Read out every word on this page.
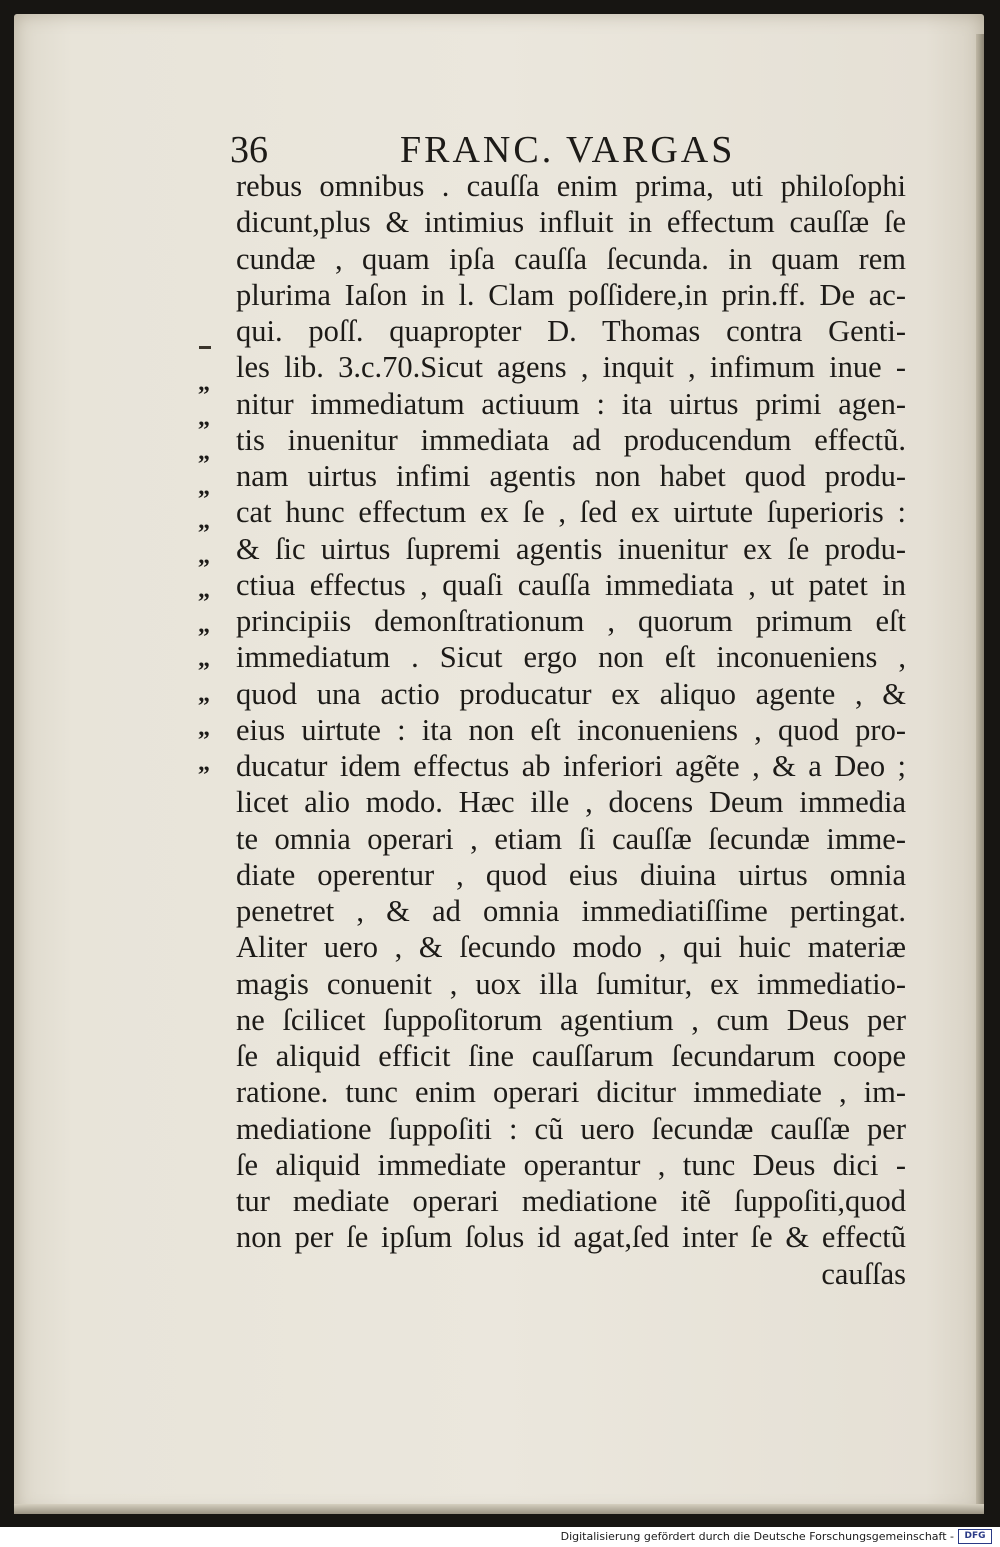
36	FRANC. VARGAS
„
„
„
„
„
„
„
„
„
„
„
„
rebus omnibus . cauſſa enim prima, uti philoſophi
dicunt,plus & intimius influit in effectum cauſſæ ſe
cundæ , quam ipſa cauſſa ſecunda. in quam rem
plurima Iaſon in l. Clam poſſidere,in prin.ff. De ac-
qui. poſſ. quapropter D. Thomas contra Genti-
les lib. 3.c.70.Sicut agens , inquit , infimum inue -
nitur immediatum actiuum : ita uirtus primi agen-
tis inuenitur immediata ad producendum effectũ.
nam uirtus infimi agentis non habet quod produ-
cat hunc effectum ex ſe , ſed ex uirtute ſuperioris :
& ſic uirtus ſupremi agentis inuenitur ex ſe produ-
ctiua effectus , quaſi cauſſa immediata , ut patet in
principiis demonſtrationum , quorum primum eſt
immediatum . Sicut ergo non eſt inconueniens ,
quod una actio producatur ex aliquo agente , &
eius uirtute : ita non eſt inconueniens , quod pro-
ducatur idem effectus ab inferiori agẽte , & a Deo ;
licet alio modo. Hæc ille , docens Deum immedia
te omnia operari , etiam ſi cauſſæ ſecundæ imme-
diate operentur , quod eius diuina uirtus omnia
penetret , & ad omnia immediatiſſime pertingat.
Aliter uero , & ſecundo modo , qui huic materiæ
magis conuenit , uox illa ſumitur, ex immediatio-
ne ſcilicet ſuppoſitorum agentium , cum Deus per
ſe aliquid efficit ſine cauſſarum ſecundarum coope
ratione. tunc enim operari dicitur immediate , im-
mediatione ſuppoſiti : cũ uero ſecundæ cauſſæ per
ſe aliquid immediate operantur , tunc Deus dici -
tur mediate operari mediatione itẽ ſuppoſiti,quod
non per ſe ipſum ſolus id agat,ſed inter ſe & effectũ
cauſſas
Digitalisierung gefördert durch die Deutsche Forschungsgemeinschaft -	DFG
